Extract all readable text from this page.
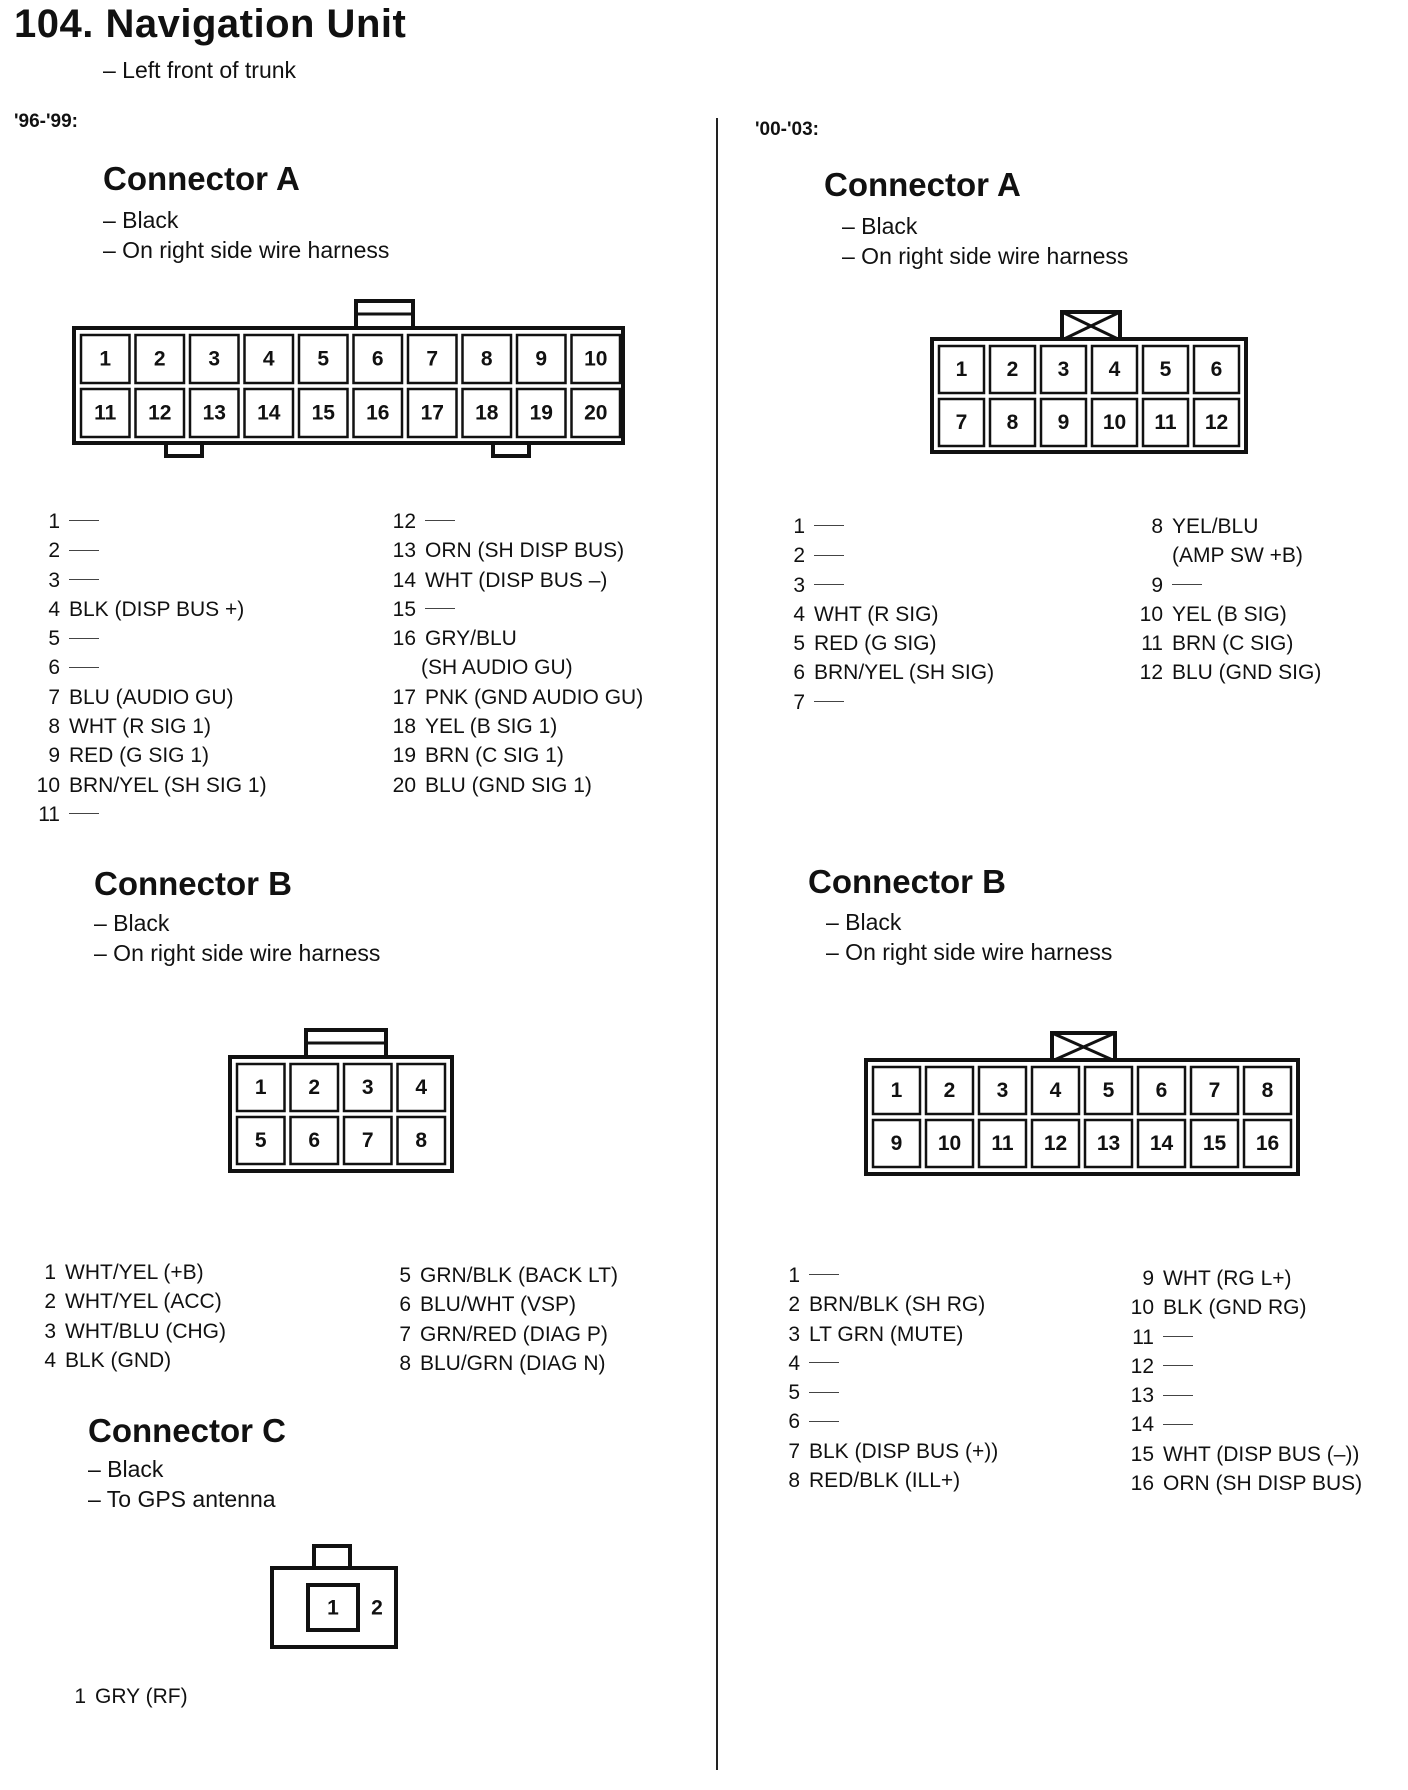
104. Navigation Unit
– Left front of trunk
'96-'99:	'00-'03:
Connector A
– Black
– On right side wire harness
1 2 3 4 5 6 7 8 9 10
11 12 13 14 15 16 17 18 19 20
1
2
3
4 BLK (DISP BUS +)
5
6
7 BLU (AUDIO GU)
8 WHT (R SIG 1)
9 RED (G SIG 1)
10 BRN/YEL (SH SIG 1)
11
12
13 ORN (SH DISP BUS)
14 WHT (DISP BUS –)
15
16 GRY/BLU
(SH AUDIO GU)
17 PNK (GND AUDIO GU)
18 YEL (B SIG 1)
19 BRN (C SIG 1)
20 BLU (GND SIG 1)
Connector B
– Black
– On right side wire harness
1 2 3 4
5 6 7 8
1 WHT/YEL (+B)
2 WHT/YEL (ACC)
3 WHT/BLU (CHG)
4 BLK (GND)
5 GRN/BLK (BACK LT)
6 BLU/WHT (VSP)
7 GRN/RED (DIAG P)
8 BLU/GRN (DIAG N)
Connector C
– Black
– To GPS antenna
1 2
1 GRY (RF)
Connector A
– Black
– On right side wire harness
1 2 3 4 5 6
7 8 9 10 11 12
1
2
3
4 WHT (R SIG)
5 RED (G SIG)
6 BRN/YEL (SH SIG)
7
8 YEL/BLU
(AMP SW +B)
9
10 YEL (B SIG)
11 BRN (C SIG)
12 BLU (GND SIG)
Connector B
– Black
– On right side wire harness
1 2 3 4 5 6 7 8
9 10 11 12 13 14 15 16
1
2 BRN/BLK (SH RG)
3 LT GRN (MUTE)
4
5
6
7 BLK (DISP BUS (+))
8 RED/BLK (ILL+)
9 WHT (RG L+)
10 BLK (GND RG)
11
12
13
14
15 WHT (DISP BUS (–))
16 ORN (SH DISP BUS)
